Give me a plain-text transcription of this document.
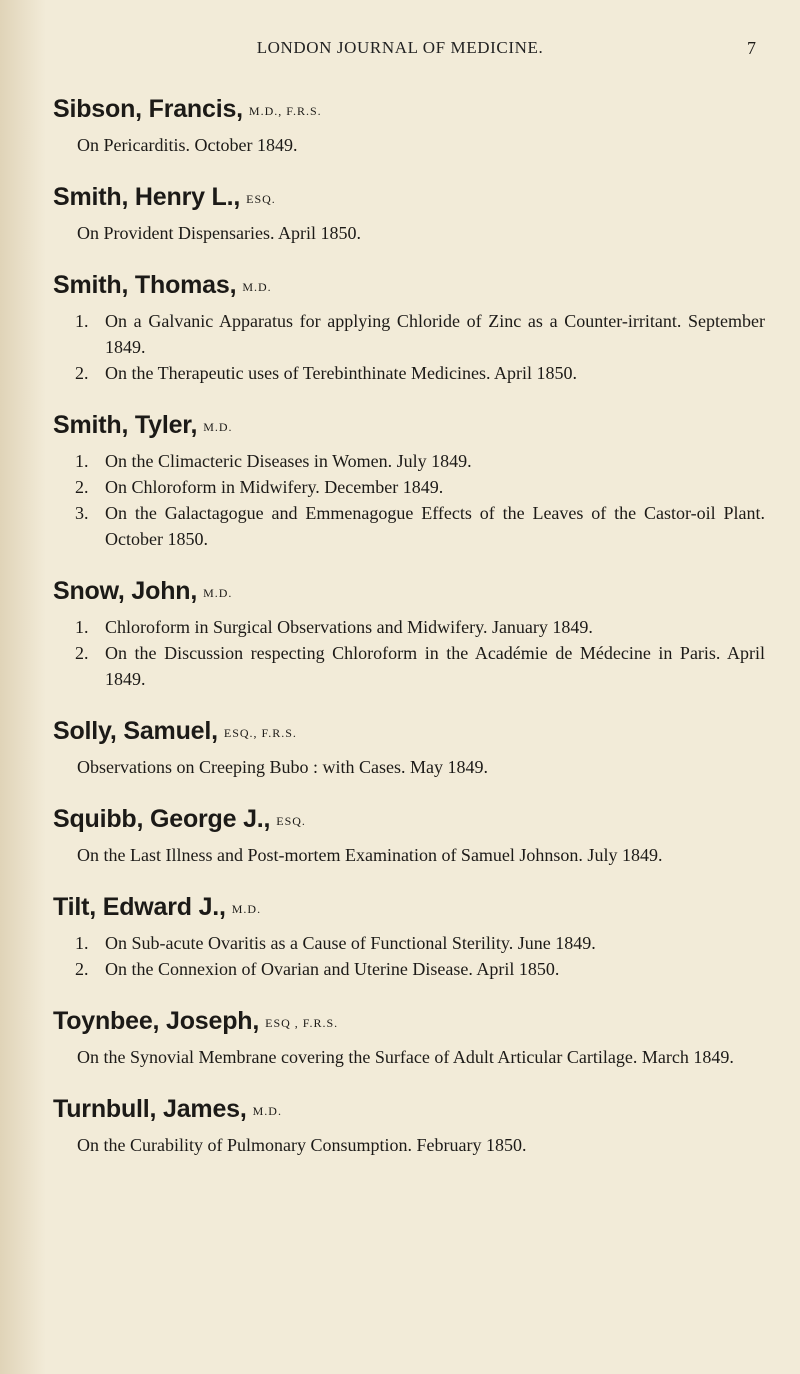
LONDON JOURNAL OF MEDICINE.	7
Sibson, Francis, M.D., F.R.S.
On Pericarditis. October 1849.
Smith, Henry L., ESQ.
On Provident Dispensaries. April 1850.
Smith, Thomas, M.D.
1. On a Galvanic Apparatus for applying Chloride of Zinc as a Counter-irritant. September 1849.
2. On the Therapeutic uses of Terebinthinate Medicines. April 1850.
Smith, Tyler, M.D.
1. On the Climacteric Diseases in Women. July 1849.
2. On Chloroform in Midwifery. December 1849.
3. On the Galactagogue and Emmenagogue Effects of the Leaves of the Castor-oil Plant. October 1850.
Snow, John, M.D.
1. Chloroform in Surgical Observations and Midwifery. January 1849.
2. On the Discussion respecting Chloroform in the Académie de Médecine in Paris. April 1849.
Solly, Samuel, ESQ., F.R.S.
Observations on Creeping Bubo : with Cases. May 1849.
Squibb, George J., ESQ.
On the Last Illness and Post-mortem Examination of Samuel Johnson. July 1849.
Tilt, Edward J., M.D.
1. On Sub-acute Ovaritis as a Cause of Functional Sterility. June 1849.
2. On the Connexion of Ovarian and Uterine Disease. April 1850.
Toynbee, Joseph, ESQ , F.R.S.
On the Synovial Membrane covering the Surface of Adult Articular Cartilage. March 1849.
Turnbull, James, M.D.
On the Curability of Pulmonary Consumption. February 1850.
